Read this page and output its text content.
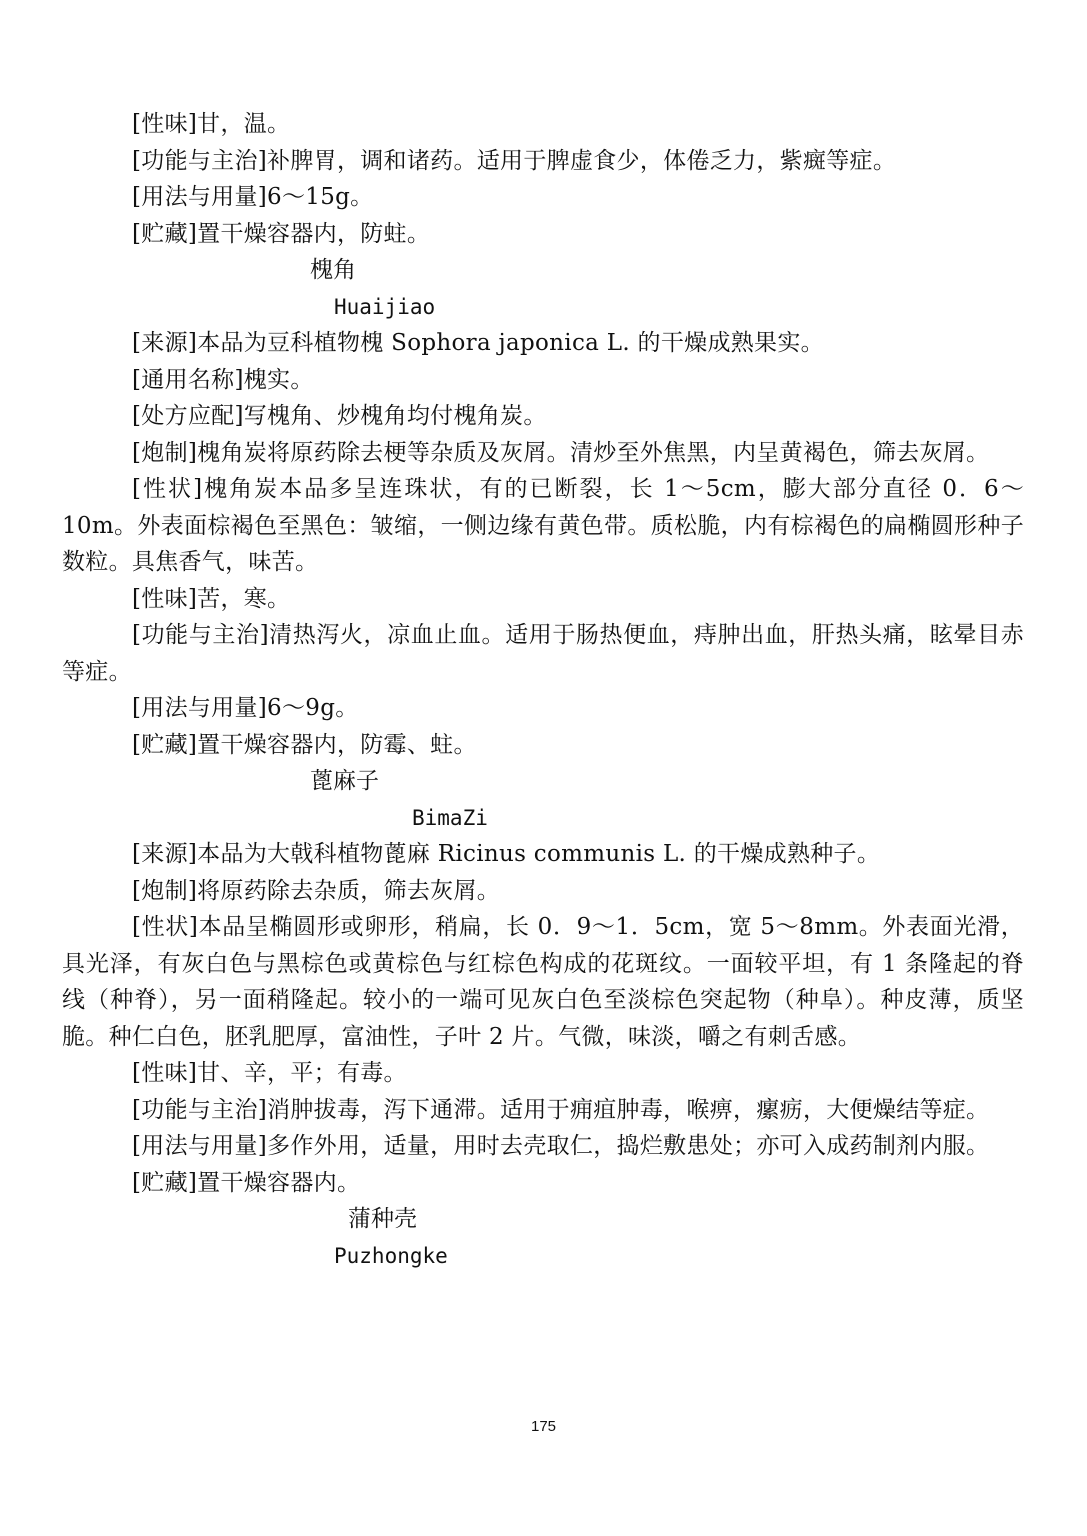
[性味]甘，温。

[功能与主治]补脾胃，调和诸药。适用于脾虚食少，体倦乏力，紫癍等症。

[用法与用量]6～15g。

[贮藏]置干燥容器内，防蛀。

槐角

Huaijiao

[来源]本品为豆科植物槐 Sophora japonica L. 的干燥成熟果实。

[通用名称]槐实。

[处方应配]写槐角、炒槐角均付槐角炭。

[炮制]槐角炭将原药除去梗等杂质及灰屑。清炒至外焦黑，内呈黄褐色，筛去灰屑。

[性状]槐角炭本品多呈连珠状，有的已断裂，长 1～5cm，膨大部分直径 0．6～10m。外表面棕褐色至黑色：皱缩，一侧边缘有黄色带。质松脆，内有棕褐色的扁椭圆形种子数粒。具焦香气，味苦。

[性味]苦，寒。

[功能与主治]清热泻火，凉血止血。适用于肠热便血，痔肿出血，肝热头痛，眩晕目赤等症。

[用法与用量]6～9g。

[贮藏]置干燥容器内，防霉、蛀。

蓖麻子

BimaZi

[来源]本品为大戟科植物蓖麻 Ricinus communis L. 的干燥成熟种子。

[炮制]将原药除去杂质，筛去灰屑。

[性状]本品呈椭圆形或卵形，稍扁，长 0．9～1．5cm，宽 5～8mm。外表面光滑，具光泽，有灰白色与黑棕色或黄棕色与红棕色构成的花斑纹。一面较平坦，有 1 条隆起的脊线（种脊），另一面稍隆起。较小的一端可见灰白色至淡棕色突起物（种阜）。种皮薄，质坚脆。种仁白色，胚乳肥厚，富油性，子叶 2 片。气微，味淡，嚼之有刺舌感。

[性味]甘、辛，平；有毒。

[功能与主治]消肿拔毒，泻下通滞。适用于痈疽肿毒，喉痹，瘰疬，大便燥结等症。

[用法与用量]多作外用，适量，用时去壳取仁，捣烂敷患处；亦可入成药制剂内服。

[贮藏]置干燥容器内。

蒲种壳

Puzhongke

175
